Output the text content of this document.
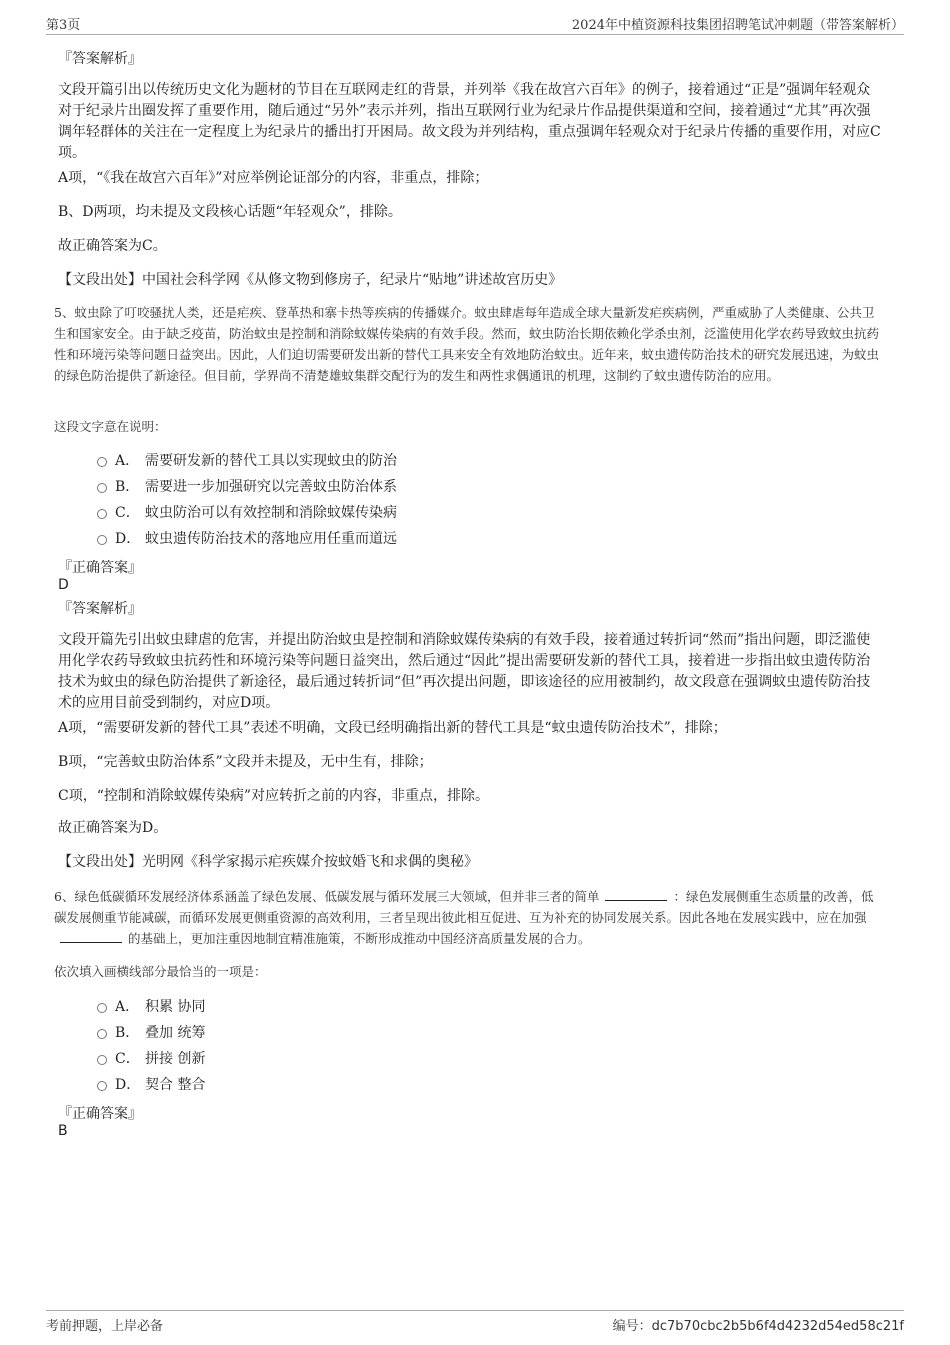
第3页	2024年中植资源科技集团招聘笔试冲刺题（带答案解析）
『答案解析』
文段开篇引出以传统历史文化为题材的节目在互联网走红的背景，并列举《我在故宫六百年》的例子，接着通过“正是”强调年轻观众对于纪录片出圈发挥了重要作用，随后通过“另外”表示并列，指出互联网行业为纪录片作品提供渠道和空间，接着通过“尤其”再次强调年轻群体的关注在一定程度上为纪录片的播出打开困局。故文段为并列结构，重点强调年轻观众对于纪录片传播的重要作用，对应C项。
A项，“《我在故宫六百年》”对应举例论证部分的内容，非重点，排除；
B、D两项，均未提及文段核心话题“年轻观众”，排除。
故正确答案为C。
【文段出处】中国社会科学网《从修文物到修房子，纪录片“贴地”讲述故宫历史》
5、蚊虫除了叮咬骚扰人类，还是疟疾、登革热和寨卡热等疾病的传播媒介。蚊虫肆虐每年造成全球大量新发疟疾病例，严重威胁了人类健康、公共卫生和国家安全。由于缺乏疫苗，防治蚊虫是控制和消除蚊媒传染病的有效手段。然而，蚊虫防治长期依赖化学杀虫剂，泛滥使用化学农药导致蚊虫抗药性和环境污染等问题日益突出。因此，人们迫切需要研发出新的替代工具来安全有效地防治蚊虫。近年来，蚊虫遗传防治技术的研究发展迅速，为蚊虫的绿色防治提供了新途径。但目前，学界尚不清楚雄蚊集群交配行为的发生和两性求偶通讯的机理，这制约了蚊虫遗传防治的应用。
这段文字意在说明：
A． 需要研发新的替代工具以实现蚊虫的防治
B． 需要进一步加强研究以完善蚊虫防治体系
C． 蚊虫防治可以有效控制和消除蚊媒传染病
D． 蚊虫遗传防治技术的落地应用任重而道远
『正确答案』
D
『答案解析』
文段开篇先引出蚊虫肆虐的危害，并提出防治蚊虫是控制和消除蚊媒传染病的有效手段，接着通过转折词“然而”指出问题，即泛滥使用化学农药导致蚊虫抗药性和环境污染等问题日益突出，然后通过“因此”提出需要研发新的替代工具，接着进一步指出蚊虫遗传防治技术为蚊虫的绿色防治提供了新途径，最后通过转折词“但”再次提出问题，即该途径的应用被制约，故文段意在强调蚊虫遗传防治技术的应用目前受到制约，对应D项。
A项，“需要研发新的替代工具”表述不明确，文段已经明确指出新的替代工具是“蚊虫遗传防治技术”，排除；
B项，“完善蚊虫防治体系”文段并未提及，无中生有，排除；
C项，“控制和消除蚊媒传染病”对应转折之前的内容，非重点，排除。
故正确答案为D。
【文段出处】光明网《科学家揭示疟疾媒介按蚊婚飞和求偶的奥秘》
6、绿色低碳循环发展经济体系涵盖了绿色发展、低碳发展与循环发展三大领域，但并非三者的简单	：绿色发展侧重生态质量的改善，低碳发展侧重节能减碳，而循环发展更侧重资源的高效利用，三者呈现出彼此相互促进、互为补充的协同发展关系。因此各地在发展实践中，应在加强的基础上，更加注重因地制宜精准施策，不断形成推动中国经济高质量发展的合力。
依次填入画横线部分最恰当的一项是：
A． 积累 协同
B． 叠加 统筹
C． 拼接 创新
D． 契合 整合
『正确答案』
B
考前押题，上岸必备	编号：dc7b70cbc2b5b6f4d4232d54ed58c21f
